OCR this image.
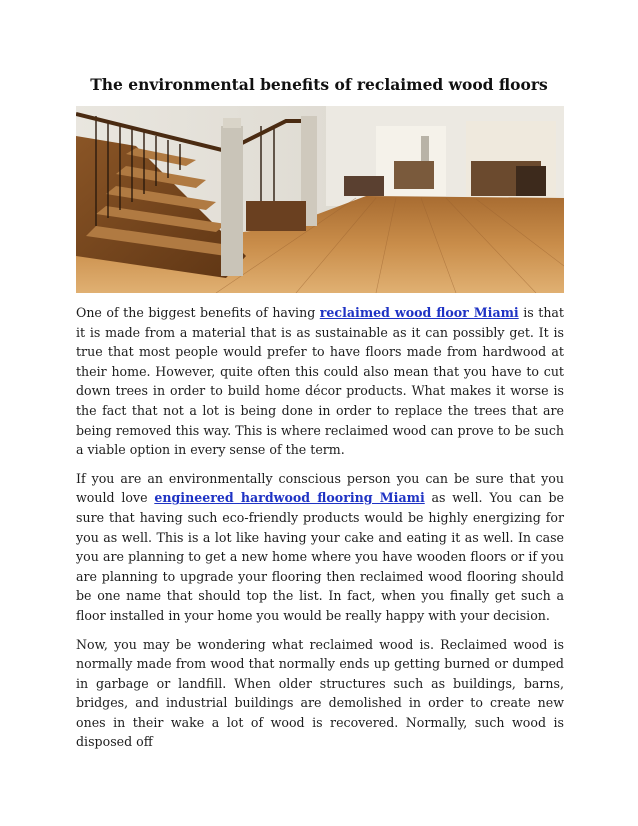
The environmental benefits of reclaimed wood floors

One of the biggest benefits of having reclaimed wood floor Miami is that it is made from a material that is as sustainable as it can possibly get. It is true that most people would prefer to have floors made from hardwood at their home. However, quite often this could also mean that you have to cut down trees in order to build home décor products. What makes it worse is the fact that not a lot is being done in order to replace the trees that are being removed this way. This is where reclaimed wood can prove to be such a viable option in every sense of the term.

If you are an environmentally conscious person you can be sure that you would love engineered hardwood flooring Miami as well. You can be sure that having such eco-friendly products would be highly energizing for you as well. This is a lot like having your cake and eating it as well. In case you are planning to get a new home where you have wooden floors or if you are planning to upgrade your flooring then reclaimed wood flooring should be one name that should top the list. In fact, when you finally get such a floor installed in your home you would be really happy with your decision.

Now, you may be wondering what reclaimed wood is. Reclaimed wood is normally made from wood that normally ends up getting burned or dumped in garbage or landfill. When older structures such as buildings, barns, bridges, and industrial buildings are demolished in order to create new ones in their wake a lot of wood is recovered. Normally, such wood is disposed off
